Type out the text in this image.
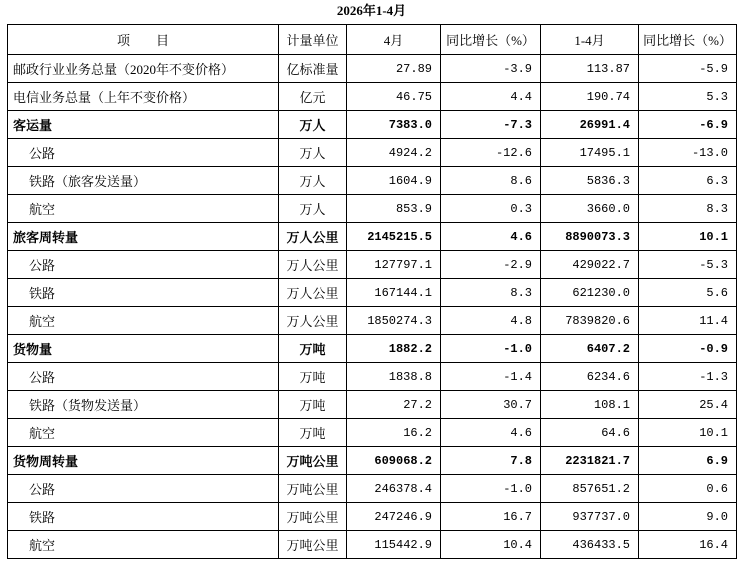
2026年1-4月
项　　目	计量单位	4月	同比增长（%）	1-4月	同比增长（%）
邮政行业业务总量（2020年不变价格）	亿标准量	27.89	-3.9	113.87	-5.9
电信业务总量（上年不变价格）	亿元	46.75	4.4	190.74	5.3
客运量	万人	7383.0	-7.3	26991.4	-6.9
公路	万人	4924.2	-12.6	17495.1	-13.0
铁路（旅客发送量）	万人	1604.9	8.6	5836.3	6.3
航空	万人	853.9	0.3	3660.0	8.3
旅客周转量	万人公里	2145215.5	4.6	8890073.3	10.1
公路	万人公里	127797.1	-2.9	429022.7	-5.3
铁路	万人公里	167144.1	8.3	621230.0	5.6
航空	万人公里	1850274.3	4.8	7839820.6	11.4
货物量	万吨	1882.2	-1.0	6407.2	-0.9
公路	万吨	1838.8	-1.4	6234.6	-1.3
铁路（货物发送量）	万吨	27.2	30.7	108.1	25.4
航空	万吨	16.2	4.6	64.6	10.1
货物周转量	万吨公里	609068.2	7.8	2231821.7	6.9
公路	万吨公里	246378.4	-1.0	857651.2	0.6
铁路	万吨公里	247246.9	16.7	937737.0	9.0
航空	万吨公里	115442.9	10.4	436433.5	16.4
